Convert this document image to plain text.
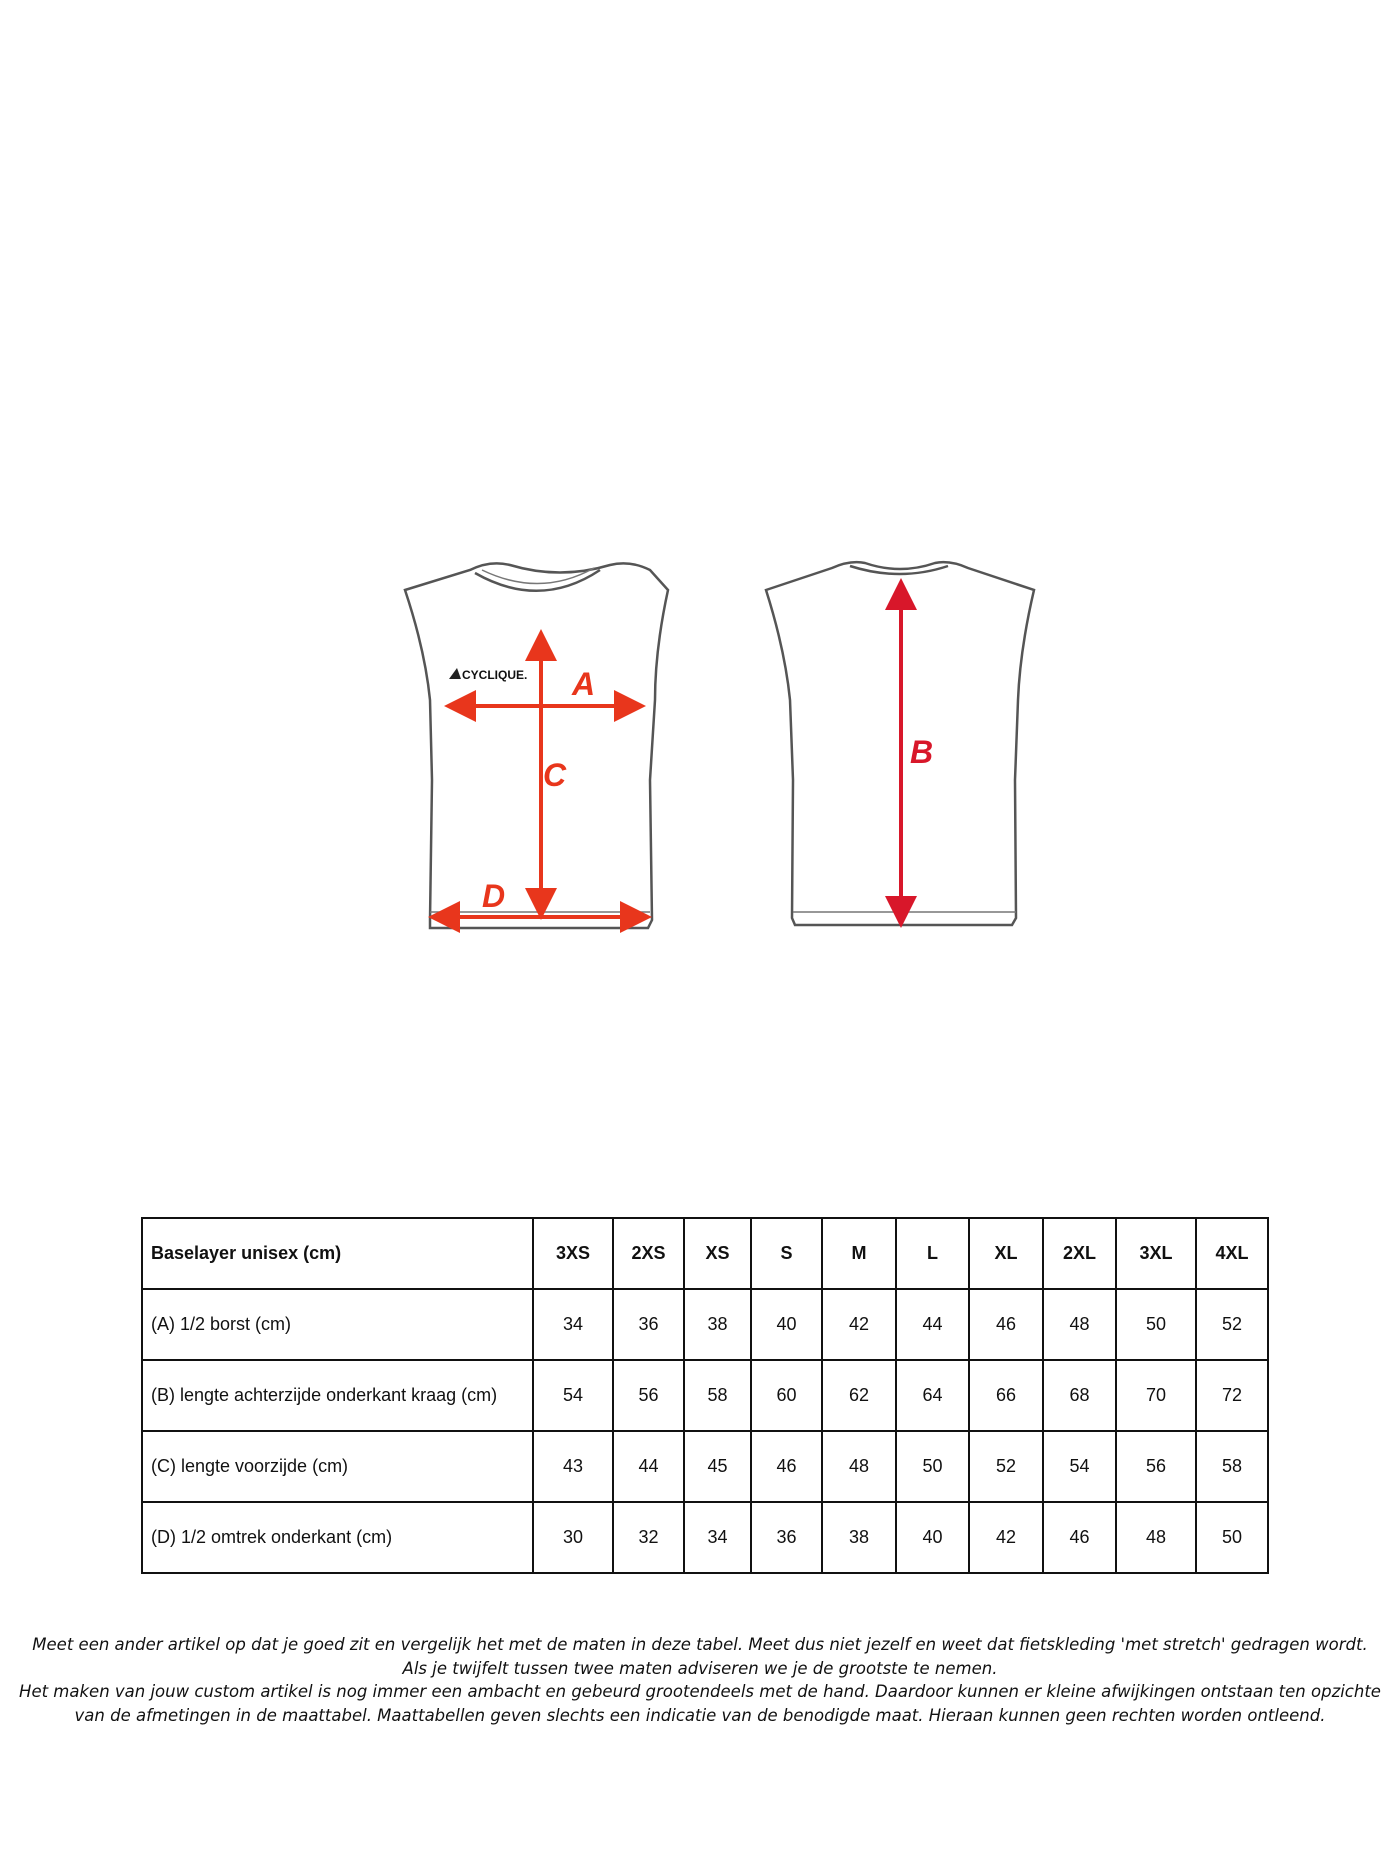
CYCLIQUE. A
C
D
B
Baselayer unisex (cm)	3XS	2XS	XS	S	M	L	XL	2XL	3XL	4XL
(A) 1/2 borst (cm)	34	36	38	40	42	44	46	48	50	52
(B) lengte achterzijde onderkant kraag (cm)	54	56	58	60	62	64	66	68	70	72
(C) lengte voorzijde (cm)	43	44	45	46	48	50	52	54	56	58
(D) 1/2 omtrek onderkant (cm)	30	32	34	36	38	40	42	46	48	50

Meet een ander artikel op dat je goed zit en vergelijk het met de maten in deze tabel. Meet dus niet jezelf en weet dat fietskleding 'met stretch' gedragen wordt. Als je twijfelt tussen twee maten adviseren we je de grootste te nemen.

Het maken van jouw custom artikel is nog immer een ambacht en gebeurd grootendeels met de hand. Daardoor kunnen er kleine afwijkingen ontstaan ten opzichte van de afmetingen in de maattabel. Maattabellen geven slechts een indicatie van de benodigde maat. Hieraan kunnen geen rechten worden ontleend.
